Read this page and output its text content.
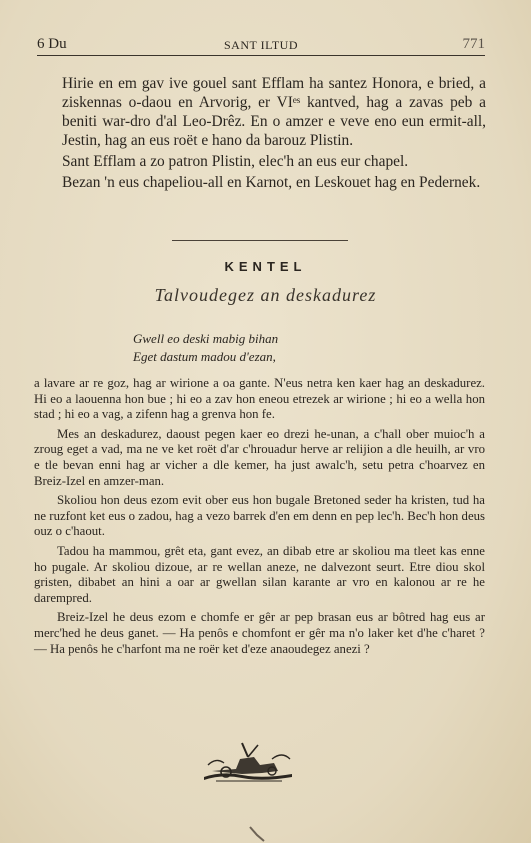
6 Du	SANT ILTUD	771

Hirie en em gav ive gouel sant Efflam ha santez Honora, e bried, a ziskennas o-daou en Arvorig, er VIᵉˢ kantved, hag a zavas peb a beniti war-dro d'al Leo-Drêz. En o amzer e veve eno eun ermit-all, Jestin, hag an eus roët e hano da barouz Plistin.

Sant Efflam a zo patron Plistin, elec'h an eus eur chapel.

Bezan 'n eus chapeliou-all en Karnot, en Leskouet hag en Pedernek.

KENTEL
Talvoudegez an deskadurez
Gwell eo deski mabig bihan
Eget dastum madou d'ezan,

a lavare ar re goz, hag ar wirione a oa gante. N'eus netra ken kaer hag an deskadurez. Hi eo a laouenna hon bue ; hi eo a zav hon eneou etrezek ar wirione ; hi eo a wella hon stad ; hi eo a vag, a zifenn hag a grenva hon fe.

Mes an deskadurez, daoust pegen kaer eo drezi he-unan, a c'hall ober muioc'h a zroug eget a vad, ma ne ve ket roët d'ar c'hrouadur herve ar relijion a dle heuilh, ar vro e tle bevan enni hag ar vicher a dle kemer, ha just awalc'h, setu petra c'hoarvez en Breiz-Izel en amzer-man.

Skoliou hon deus ezom evit ober eus hon bugale Bretoned seder ha kristen, tud ha ne ruzfont ket eus o zadou, hag a vezo barrek d'en em denn en pep lec'h. Bec'h hon deus ouz o c'haout.

Tadou ha mammou, grêt eta, gant evez, an dibab etre ar skoliou ma tleet kas enne ho pugale. Ar skoliou dizoue, ar re wellan aneze, ne dalvezont seurt. Etre diou skol gristen, dibabet an hini a oar ar gwellan silan karante ar vro en kalonou ar re he darempred.

Breiz-Izel he deus ezom e chomfe er gêr ar pep brasan eus ar bôtred hag eus ar merc'hed he deus ganet. — Ha penôs e chomfont er gêr ma n'o laker ket d'he c'haret ? — Ha penôs he c'harfont ma ne roër ket d'eze anaoudegez anezi ?
